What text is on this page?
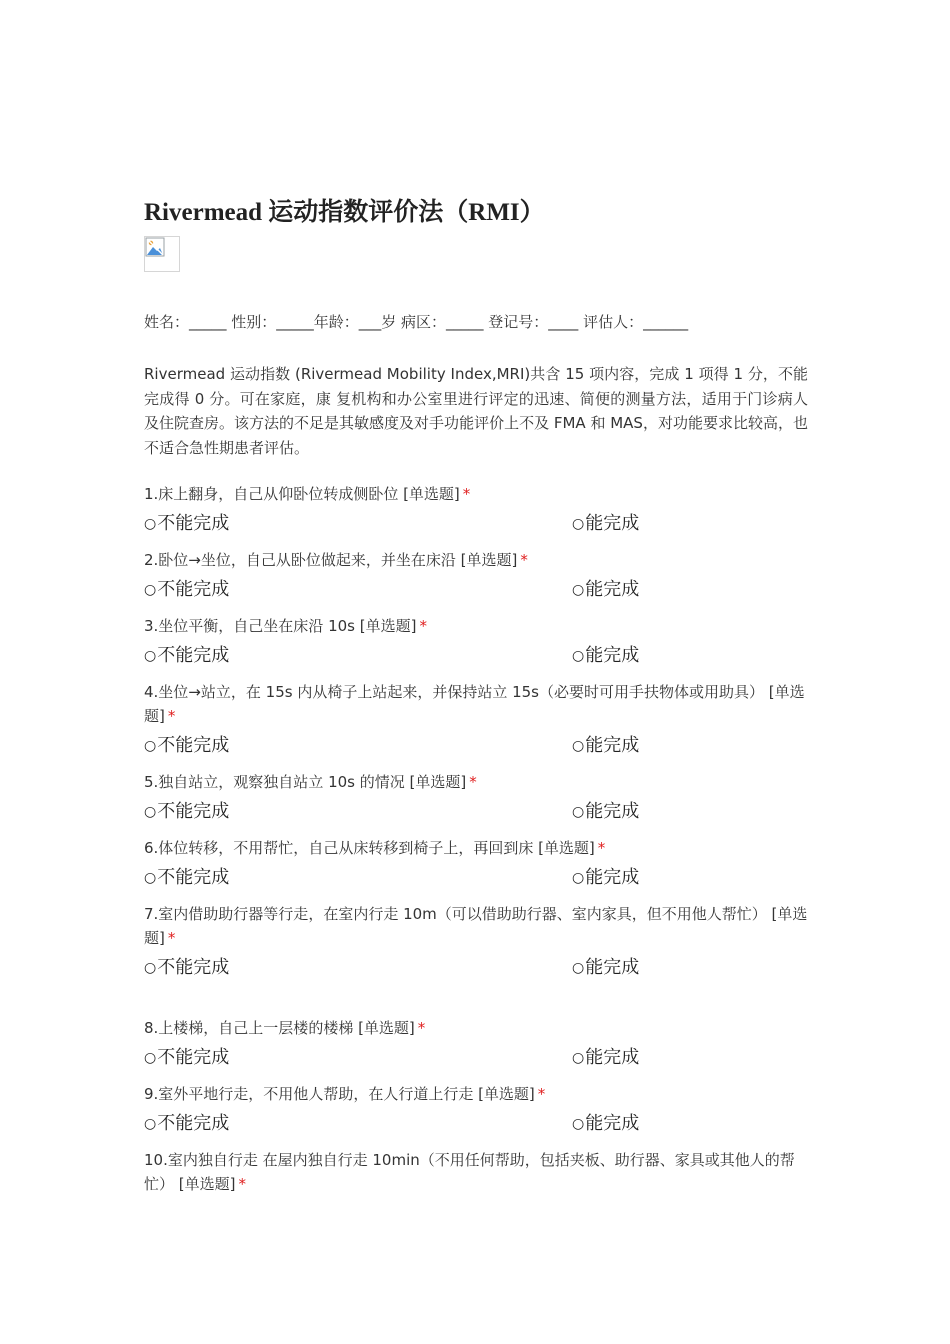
Rivermead 运动指数评价法（RMI）
姓名：_____ 性别：_____年龄：___岁 病区：_____ 登记号：____ 评估人：______
Rivermead 运动指数 (Rivermead Mobility Index,MRI)共含 15 项内容，完成 1 项得 1 分，不能完成得 0 分。可在家庭，康 复机构和办公室里进行评定的迅速、简便的测量方法，适用于门诊病人及住院查房。该方法的不足是其敏感度及对手功能评价上不及 FMA 和 MAS，对功能要求比较高，也不适合急性期患者评估。
1.床上翻身，自己从仰卧位转成侧卧位 [单选题] *
○不能完成	○能完成
2.卧位→坐位，自己从卧位做起来，并坐在床沿 [单选题] *
○不能完成	○能完成
3.坐位平衡，自己坐在床沿 10s [单选题] *
○不能完成	○能完成
4.坐位→站立，在 15s 内从椅子上站起来，并保持站立 15s（必要时可用手扶物体或用助具） [单选题] *
○不能完成	○能完成
5.独自站立，观察独自站立 10s 的情况 [单选题] *
○不能完成	○能完成
6.体位转移，不用帮忙，自己从床转移到椅子上，再回到床 [单选题] *
○不能完成	○能完成
7.室内借助助行器等行走，在室内行走 10m（可以借助助行器、室内家具，但不用他人帮忙） [单选题] *
○不能完成	○能完成
8.上楼梯，自己上一层楼的楼梯 [单选题] *
○不能完成	○能完成
9.室外平地行走，不用他人帮助，在人行道上行走 [单选题] *
○不能完成	○能完成
10.室内独自行走 在屋内独自行走 10min（不用任何帮助，包括夹板、助行器、家具或其他人的帮忙） [单选题] *
